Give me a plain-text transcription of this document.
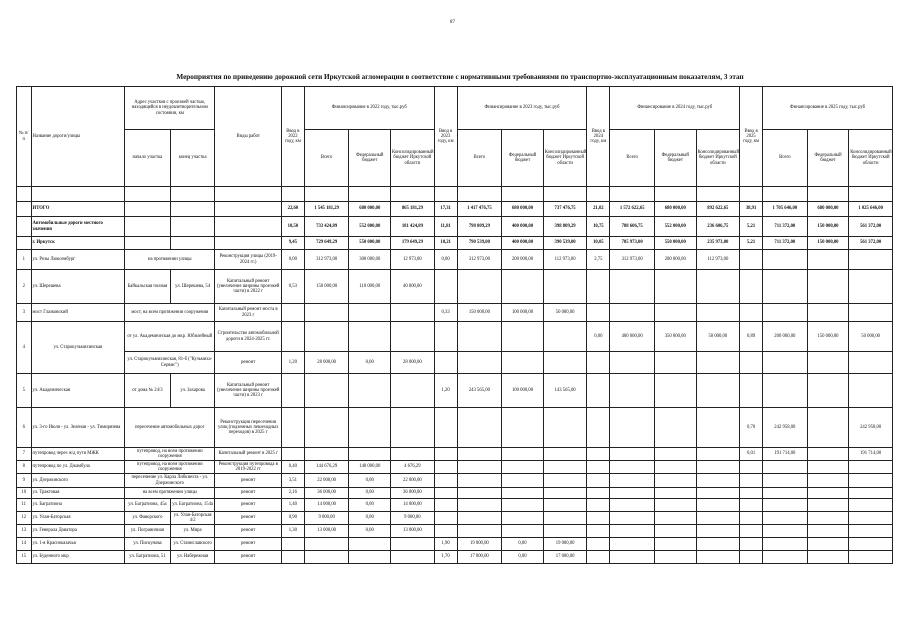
87
Мероприятия по приведению дорожной сети Иркутской агломерации в соответствие с нормативными требованиями по транспортно-эксплуатационным показателям, 3 этап
№ п/п	Название дороги/улицы	Адрес участков с проезжей частью, находящейся в неудовлетворительном состоянии, км		Виды работ	Ввод в 2022 году, км	Финансирование в 2022 году, тыс.руб			Ввод в 2023 году, км	Финансирование в 2023 году, тыс.руб			Ввод в 2024 году, км	Финансирование в 2024 году, тыс.руб			Ввод в 2025 году, км	Финансирование в 2025 году, тыс.руб		
		начало участка	конец участка			Всего	Федеральный бюджет	Консолидированный бюджет Иркутской области		Всего	Федеральный бюджет	Консолидированный бюджет Иркутской области		Всего	Федеральный бюджет	Консолидированный бюджет Иркутской области		Всего	Федеральный бюджет	Консолидированный бюджет Иркутской области

	ИТОГО				22,60	1 545 181,29	680 000,00	865 181,29	17,31	1 417 476,75	680 000,00	737 476,75	21,02	1 572 622,65	680 000,00	892 622,65	38,91	1 705 646,00	680 000,00	1 025 646,00
	Автомобильные дороги местного значения				10,50	733 424,89	552 000,00	181 424,89	11,81	798 809,29	400 000,00	398 809,29	10,75	788 606,75	552 000,00	236 606,75	5,21	711 372,00	150 000,00	561 372,00
	г. Иркутск				9,45	729 649,29	550 000,00	179 649,29	10,21	790 539,00	400 000,00	390 539,00	10,05	785 973,00	550 000,00	235 973,00	5,21	711 372,00	150 000,00	561 372,00
1	ул. Розы Люксембург	на протяжении улицы		Реконструкция улицы (2019-2024 гг.)	0,00	312 973,00	300 000,00	12 973,00	0,00	312 973,00	200 000,00	112 973,00	2,75	312 973,00	200 000,00	112 973,00				
2	ул. Шерешева	Байкальская полная	ул. Шерешева, 54	Капитальный ремонт (увеличение ширины проезжей части) в 2022 г	0,53	150 000,00	110 000,00	40 000,00												
3	мост Глазковский	мост, на всем протяжении сооружения		Капитальный ремонт моста в 2023 г					0,33	150 000,00	100 000,00	50 000,00								
4	ул. Старокузьмихинская	от ул. Академическая до мкр. Юбилейный		Строительство автомобильной дороги в 2024-2025 гг.									0,00	400 000,00	350 000,00	50 000,00	0,89	200 000,00	150 000,00	50 000,00
		ул. Старокузьмихинская, 81-б ("Кузьмиха-Сервис")		ремонт	1,20	28 000,00	0,00	28 000,00												
5	ул. Академическая	от дома № 24/3	ул. Захарова	Капитальный ремонт (увеличение ширины проезжей части) в 2023 г					1,20	243 565,00	100 000,00	143 565,00								
6	ул. 3-го Июля - ул. Зеленая - ул. Тимирязева	пересечение автомобильных дорог		Реконструкция пересечения улиц (подземных пешеходных переходов) в 2025 г													0,70	242 958,00		242 958,00
7	путепровод через ж/д пути МЖК	путепровод, на всем протяжении сооружения		Капитальный ремонт в 2025 г													0,01	191 714,00		191 714,00
8	путепровод по ул. Джамбула	путепровод, на всем протяжении сооружения		Реконструкция путепровода в 2019-2022 гг	0,40	144 676,29	140 000,00	4 676,29												
9	ул. Дзержинского	пересечение ул. Карла Либкнехта - ул. Дзержинского		ремонт	3,51	22 000,00	0,00	22 000,00												
10	ул. Трактовая	на всем протяжении улицы		ремонт	2,16	36 000,00	0,00	36 000,00												
11	ул. Багратиона	ул. Багратиона, 45а	ул. Багратиона, 154а	ремонт	1,40	14 000,00	0,00	14 000,00												
12	ул. Улан-Баторская	ул. Фаворского	ул. Улан-Баторская 4/2	ремонт	0,90	9 000,00	0,00	9 000,00												
13	ул. Генерала Доватора	ул. Пограничная	ул. Мира	ремонт	1,30	13 000,00	0,00	13 000,00												
14	ул. 1-я Красноказачья	ул. Пискунова	ул. Станиславского	ремонт					1,90	19 000,00	0,00	19 000,00								
15	ул. Буденного мкр	ул. Багратиона, 51	ул. Набережная	ремонт					1,70	17 000,00	0,00	17 000,00								
